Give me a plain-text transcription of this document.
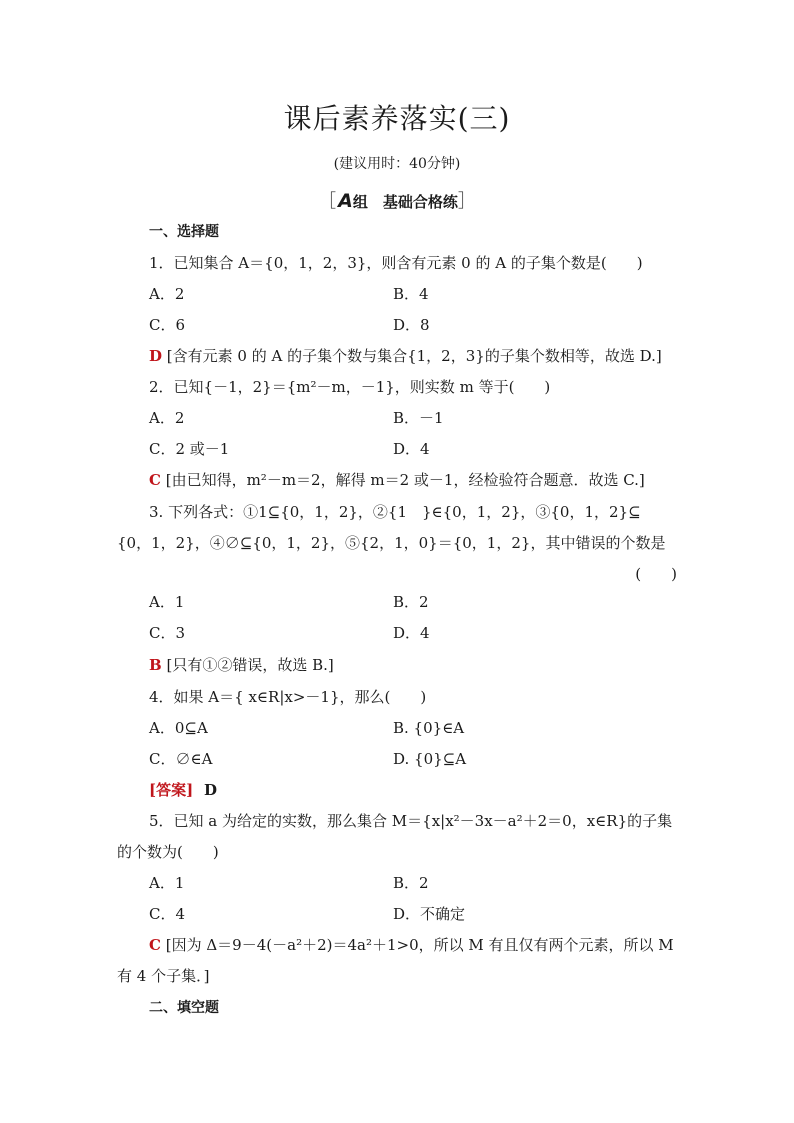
课后素养落实(三)
(建议用时：40分钟)
［ A组　基础合格练］
一、选择题
1．已知集合 A＝{0，1，2，3}，则含有元素 0 的 A 的子集个数是(　　)
A．2	B．4
C．6	D．8
D [含有元素 0 的 A 的子集个数与集合{1，2，3}的子集个数相等，故选 D.]
2．已知{－1，2}＝{m²－m，－1}，则实数 m 等于(　　)
A．2	B．－1
C．2 或－1	D．4
C [由已知得，m²－m＝2，解得 m＝2 或－1，经检验符合题意．故选 C.]
3. 下列各式：①1⊆{0，1，2}，②{1　}∈{0，1，2}，③{0，1，2}⊆
{0，1，2}，④∅⊆{0，1，2}，⑤{2，1，0}＝{0，1，2}，其中错误的个数是
(　　)
A．1	B．2
C．3	D．4
B [只有①②错误，故选 B.]
4．如果 A＝{ x∈R|x>－1}，那么(　　)
A．0⊆A	B. {0}∈A
C．∅∈A	D. {0}⊆A
[答案] D
5．已知 a 为给定的实数，那么集合 M＝{x|x²－3x－a²＋2＝0，x∈R}的子集
的个数为(　　)
A．1	B．2
C．4	D．不确定
C [因为 Δ＝9－4(－a²＋2)＝4a²＋1>0，所以 M 有且仅有两个元素，所以 M
有 4 个子集．]
二、填空题
